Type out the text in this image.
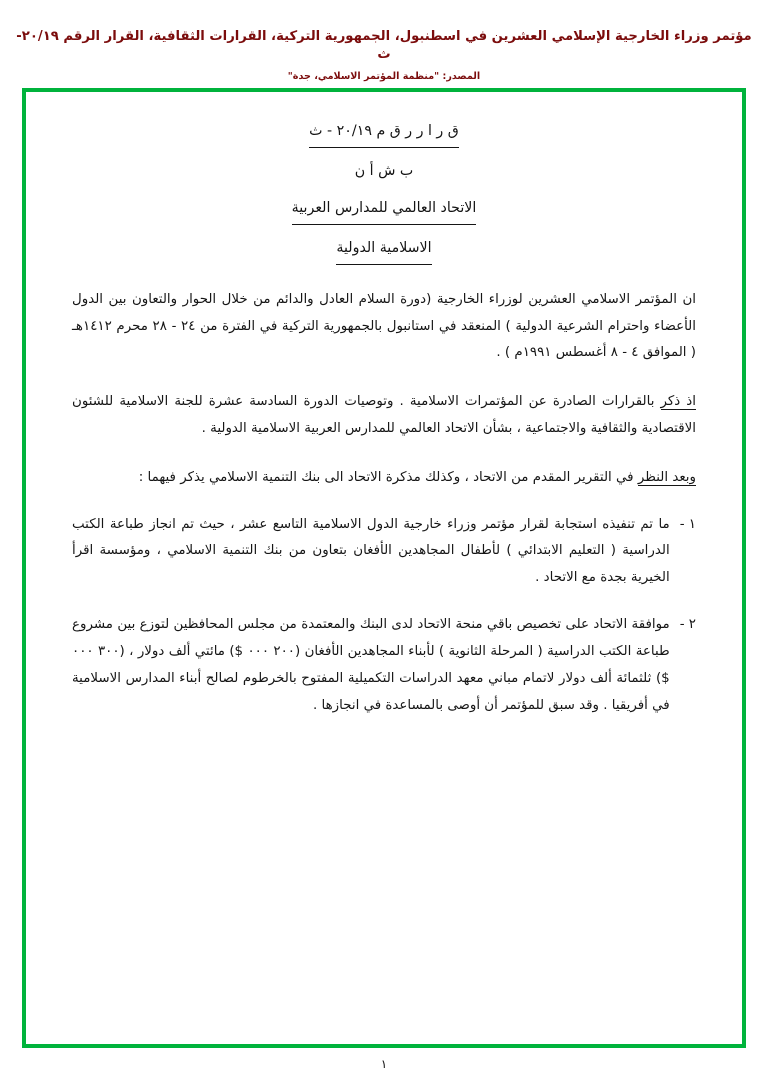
مؤتمر وزراء الخارجية الإسلامي العشرين في اسطنبول، الجمهورية التركية، القرارات الثقافية، القرار الرقم ٢٠/١٩-ث
المصدر: "منظمة المؤتمر الاسلامي، جدة"
ق ر ا ر ر ق م ٢٠/١٩ - ث
ب ش أ ن
الاتحاد العالمي للمدارس العربية
الاسلامية الدولية

ان المؤتمر الاسلامي العشرين لوزراء الخارجية (دورة السلام العادل والدائم من خلال الحوار والتعاون بين الدول الأعضاء واحترام الشرعية الدولية ) المنعقد في استانبول بالجمهورية التركية في الفترة من ٢٤ - ٢٨ محرم ١٤١٢هـ ( الموافق ٤ - ٨ أغسطس ١٩٩١م ) .

اذ ذكر بالقرارات الصادرة عن المؤتمرات الاسلامية . وتوصيات الدورة السادسة عشرة للجنة الاسلامية للشئون الاقتصادية والثقافية والاجتماعية ، بشأن الاتحاد العالمي للمدارس العربية الاسلامية الدولية .

وبعد النظر في التقرير المقدم من الاتحاد ، وكذلك مذكرة الاتحاد الى بنك التنمية الاسلامي يذكر فيهما :

١ -
ما تم تنفيذه استجابة لقرار مؤتمر وزراء خارجية الدول الاسلامية التاسع عشر ، حيث تم انجاز طباعة الكتب الدراسية ( التعليم الابتدائي ) لأطفال المجاهدين الأفغان بتعاون من بنك التنمية الاسلامي ، ومؤسسة اقرأ الخيرية بجدة مع الاتحاد .
٢ -
موافقة الاتحاد على تخصيص باقي منحة الاتحاد لدى البنك والمعتمدة من مجلس المحافظين لتوزع بين مشروع طباعة الكتب الدراسية ( المرحلة الثانوية ) لأبناء المجاهدين الأفغان (٢٠٠ ٠٠٠ $) مائتي ألف دولار ، (٣٠٠ ٠٠٠ $) ثلثمائة ألف دولار لاتمام مباني معهد الدراسات التكميلية المفتوح بالخرطوم لصالح أبناء المدارس الاسلامية في أفريقيا . وقد سبق للمؤتمر أن أوصى بالمساعدة في انجازها .
١
